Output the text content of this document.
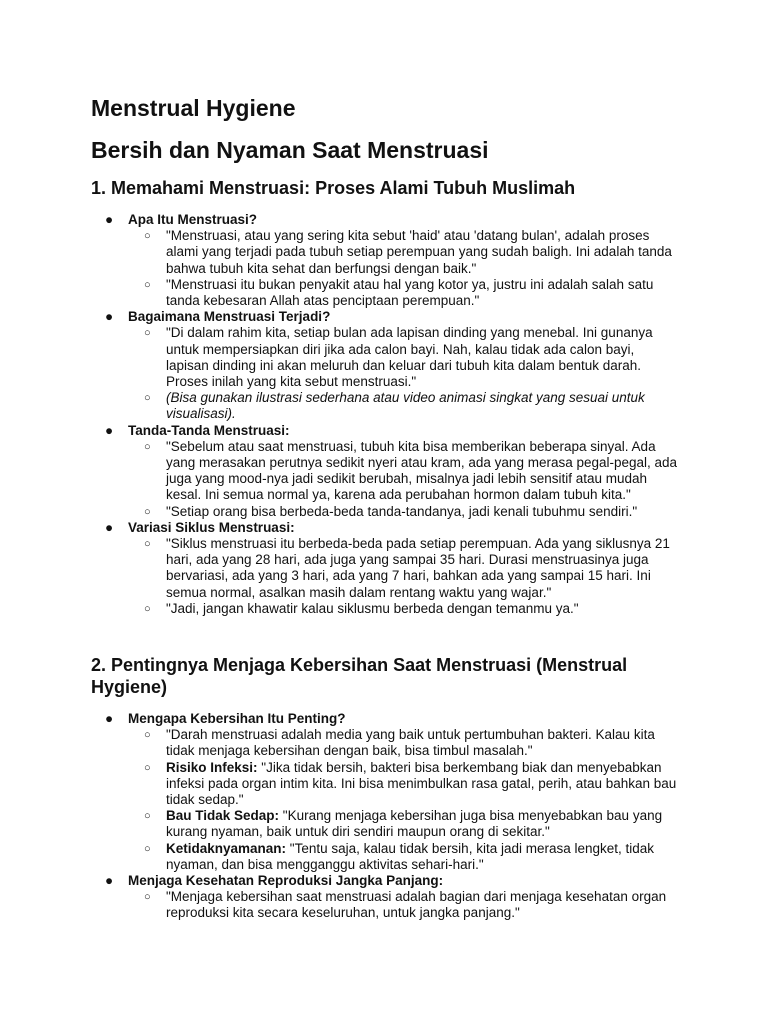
Menstrual Hygiene
Bersih dan Nyaman Saat Menstruasi
1. Memahami Menstruasi: Proses Alami Tubuh Muslimah
● Apa Itu Menstruasi?
○ "Menstruasi, atau yang sering kita sebut 'haid' atau 'datang bulan', adalah proses alami yang terjadi pada tubuh setiap perempuan yang sudah baligh. Ini adalah tanda bahwa tubuh kita sehat dan berfungsi dengan baik."
○ "Menstruasi itu bukan penyakit atau hal yang kotor ya, justru ini adalah salah satu tanda kebesaran Allah atas penciptaan perempuan."
● Bagaimana Menstruasi Terjadi?
○ "Di dalam rahim kita, setiap bulan ada lapisan dinding yang menebal. Ini gunanya untuk mempersiapkan diri jika ada calon bayi. Nah, kalau tidak ada calon bayi, lapisan dinding ini akan meluruh dan keluar dari tubuh kita dalam bentuk darah. Proses inilah yang kita sebut menstruasi."
○ (Bisa gunakan ilustrasi sederhana atau video animasi singkat yang sesuai untuk visualisasi).
● Tanda-Tanda Menstruasi:
○ "Sebelum atau saat menstruasi, tubuh kita bisa memberikan beberapa sinyal. Ada yang merasakan perutnya sedikit nyeri atau kram, ada yang merasa pegal-pegal, ada juga yang mood-nya jadi sedikit berubah, misalnya jadi lebih sensitif atau mudah kesal. Ini semua normal ya, karena ada perubahan hormon dalam tubuh kita."
○ "Setiap orang bisa berbeda-beda tanda-tandanya, jadi kenali tubuhmu sendiri."
● Variasi Siklus Menstruasi:
○ "Siklus menstruasi itu berbeda-beda pada setiap perempuan. Ada yang siklusnya 21 hari, ada yang 28 hari, ada juga yang sampai 35 hari. Durasi menstruasinya juga bervariasi, ada yang 3 hari, ada yang 7 hari, bahkan ada yang sampai 15 hari. Ini semua normal, asalkan masih dalam rentang waktu yang wajar."
○ "Jadi, jangan khawatir kalau siklusmu berbeda dengan temanmu ya."
2. Pentingnya Menjaga Kebersihan Saat Menstruasi (Menstrual Hygiene)
● Mengapa Kebersihan Itu Penting?
○ "Darah menstruasi adalah media yang baik untuk pertumbuhan bakteri. Kalau kita tidak menjaga kebersihan dengan baik, bisa timbul masalah."
○ Risiko Infeksi: "Jika tidak bersih, bakteri bisa berkembang biak dan menyebabkan infeksi pada organ intim kita. Ini bisa menimbulkan rasa gatal, perih, atau bahkan bau tidak sedap."
○ Bau Tidak Sedap: "Kurang menjaga kebersihan juga bisa menyebabkan bau yang kurang nyaman, baik untuk diri sendiri maupun orang di sekitar."
○ Ketidaknyamanan: "Tentu saja, kalau tidak bersih, kita jadi merasa lengket, tidak nyaman, dan bisa mengganggu aktivitas sehari-hari."
● Menjaga Kesehatan Reproduksi Jangka Panjang:
○ "Menjaga kebersihan saat menstruasi adalah bagian dari menjaga kesehatan organ reproduksi kita secara keseluruhan, untuk jangka panjang."
